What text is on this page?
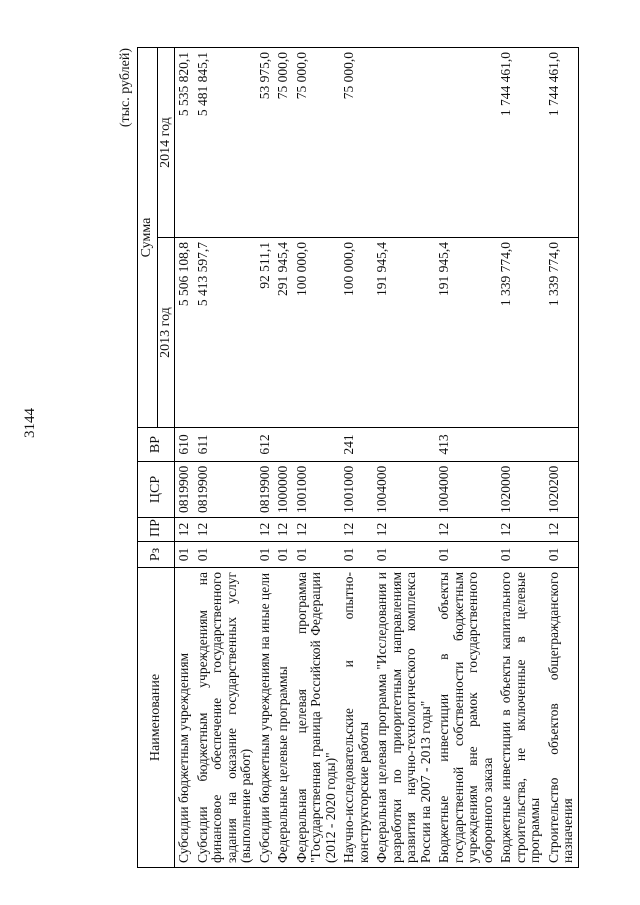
3144
(тыс. рублей)
Наименование	Рз	ПР	ЦСР	ВР	Сумма	
					2013 год	2014 год
Субсидии бюджетным учреждениям	01	12	0819900	610	5 506 108,8	5 535 820,1
Субсидии бюджетным учреждениям на финансовое обеспечение государственного задания на оказание государственных услуг (выполнение работ)	01	12	0819900	611	5 413 597,7	5 481 845,1
Субсидии бюджетным учреждениям на иные цели	01	12	0819900	612	92 511,1	53 975,0
Федеральные целевые программы	01	12	1000000		291 945,4	75 000,0
Федеральная целевая программа "Государственная граница Российской Федерации (2012 - 2020 годы)"	01	12	1001000		100 000,0	75 000,0
Научно-исследовательские и опытно-конструкторские работы	01	12	1001000	241	100 000,0	75 000,0
Федеральная целевая программа "Исследования и разработки по приоритетным направлениям развития научно-технологического комплекса России на 2007 - 2013 годы"	01	12	1004000		191 945,4	
Бюджетные инвестиции в объекты государственной собственности бюджетным учреждениям вне рамок государственного оборонного заказа	01	12	1004000	413	191 945,4	
Бюджетные инвестиции в объекты капитального строительства, не включенные в целевые программы	01	12	1020000		1 339 774,0	1 744 461,0
Строительство объектов общегражданского назначения	01	12	1020200		1 339 774,0	1 744 461,0
